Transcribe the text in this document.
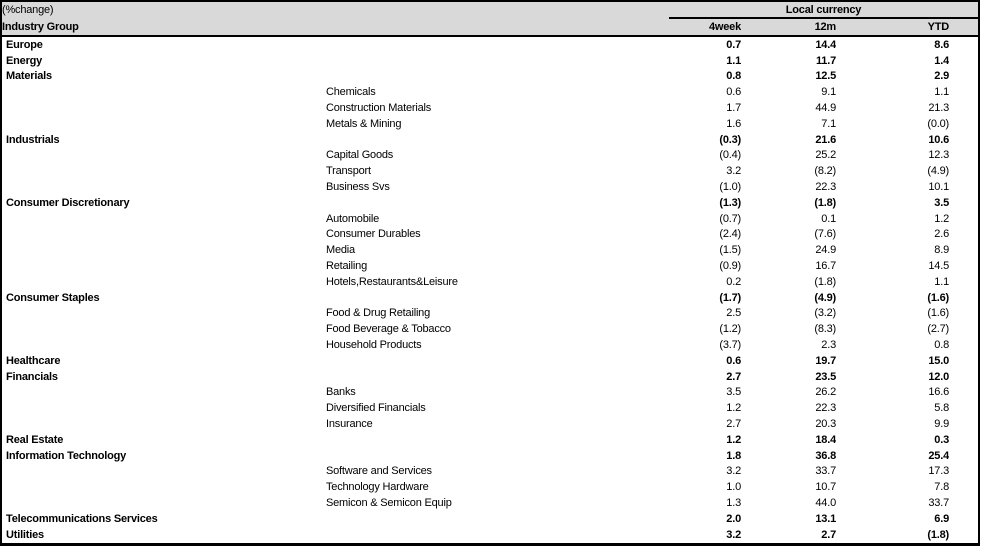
(%change)		Local currency			
Industry Group		4week	12m	YTD	
Europe		0.7	14.4	8.6	
Energy		1.1	11.7	1.4	
Materials		0.8	12.5	2.9	
	Chemicals	0.6	9.1	1.1	
	Construction Materials	1.7	44.9	21.3	
	Metals & Mining	1.6	7.1	(0.0)	
Industrials		(0.3)	21.6	10.6	
	Capital Goods	(0.4)	25.2	12.3	
	Transport	3.2	(8.2)	(4.9)	
	Business Svs	(1.0)	22.3	10.1	
Consumer Discretionary		(1.3)	(1.8)	3.5	
	Automobile	(0.7)	0.1	1.2	
	Consumer Durables	(2.4)	(7.6)	2.6	
	Media	(1.5)	24.9	8.9	
	Retailing	(0.9)	16.7	14.5	
	Hotels,Restaurants&Leisure	0.2	(1.8)	1.1	
Consumer Staples		(1.7)	(4.9)	(1.6)	
	Food & Drug Retailing	2.5	(3.2)	(1.6)	
	Food Beverage & Tobacco	(1.2)	(8.3)	(2.7)	
	Household Products	(3.7)	2.3	0.8	
Healthcare		0.6	19.7	15.0	
Financials		2.7	23.5	12.0	
	Banks	3.5	26.2	16.6	
	Diversified Financials	1.2	22.3	5.8	
	Insurance	2.7	20.3	9.9	
Real Estate		1.2	18.4	0.3	
Information Technology		1.8	36.8	25.4	
	Software and Services	3.2	33.7	17.3	
	Technology Hardware	1.0	10.7	7.8	
	Semicon & Semicon Equip	1.3	44.0	33.7	
Telecommunications Services		2.0	13.1	6.9	
Utilities		3.2	2.7	(1.8)	
